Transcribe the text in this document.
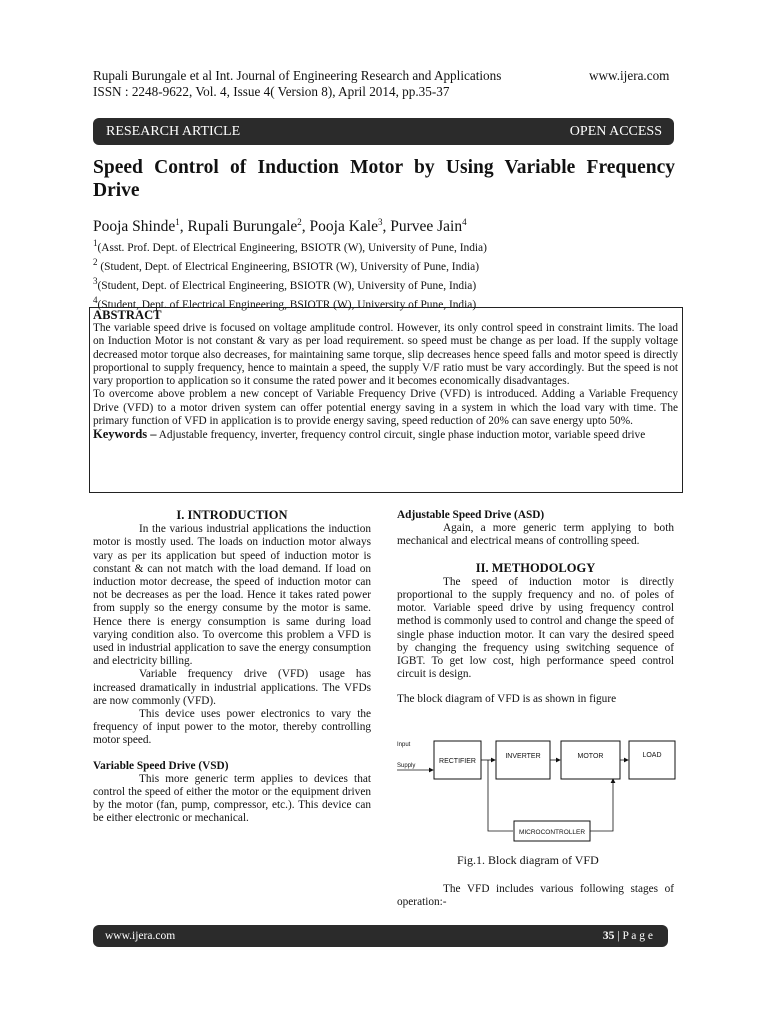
Rupali Burungale et al Int. Journal of Engineering Research and Applications	www.ijera.com
ISSN : 2248-9622, Vol. 4, Issue 4( Version 8), April 2014, pp.35-37
RESEARCH ARTICLE	OPEN ACCESS
Speed Control of Induction Motor by Using Variable Frequency Drive
Pooja Shinde$^1$, Rupali Burungale$^2$, Pooja Kale$^3$, Purvee Jain$^4$
$^1$(Asst. Prof. Dept. of Electrical Engineering, BSIOTR (W), University of Pune, India)
$^2$ (Student, Dept. of Electrical Engineering, BSIOTR (W), University of Pune, India)
$^3$(Student, Dept. of Electrical Engineering, BSIOTR (W), University of Pune, India)
$^4$(Student, Dept. of Electrical Engineering, BSIOTR (W), University of Pune, India)
ABSTRACT
The variable speed drive is focused on voltage amplitude control. However, its only control speed in constraint limits. The load on Induction Motor is not constant & vary as per load requirement. so speed must be change as per load. If the supply voltage decreased motor torque also decreases, for maintaining same torque, slip decreases hence speed falls and motor speed is directly proportional to supply frequency, hence to maintain a speed, the supply V/F ratio must be vary accordingly. But the speed is not vary proportion to application so it consume the rated power and it becomes economically disadvantages.
To overcome above problem a new concept of Variable Frequency Drive (VFD) is introduced. Adding a Variable Frequency Drive (VFD) to a motor driven system can offer potential energy saving in a system in which the load vary with time. The primary function of VFD in application is to provide energy saving, speed reduction of 20% can save energy upto 50%.
Keywords – Adjustable frequency, inverter, frequency control circuit, single phase induction motor, variable speed drive
I. INTRODUCTION
In the various industrial applications the induction motor is mostly used. The loads on induction motor always vary as per its application but speed of induction motor is constant & can not match with the load demand. If load on induction motor decrease, the speed of induction motor can not be decreases as per the load. Hence it takes rated power from supply so the energy consume by the motor is same. Hence there is energy consumption is same during load varying condition also. To overcome this problem a VFD is used in industrial application to save the energy consumption and electricity billing.
Variable frequency drive (VFD) usage has increased dramatically in industrial applications. The VFDs are now commonly (VFD).
This device uses power electronics to vary the frequency of input power to the motor, thereby controlling motor speed.
Variable Speed Drive (VSD)
This more generic term applies to devices that control the speed of either the motor or the equipment driven by the motor (fan, pump, compressor, etc.). This device can be either electronic or mechanical.
Adjustable Speed Drive (ASD)
Again, a more generic term applying to both mechanical and electrical means of controlling speed.
II. METHODOLOGY
The speed of induction motor is directly proportional to the supply frequency and no. of poles of motor. Variable speed drive by using frequency control method is commonly used to control and change the speed of single phase induction motor. It can vary the desired speed by changing the frequency using switching sequence of IGBT. To get low cost, high performance speed control circuit is design.
The block diagram of VFD is as shown in figure
Input
Supply
RECTIFIER
INVERTER	MOTOR	LOAD
MICROCONTROLLER
Fig.1. Block diagram of VFD
The VFD includes various following stages of operation:-
www.ijera.com	35 | P a g e
